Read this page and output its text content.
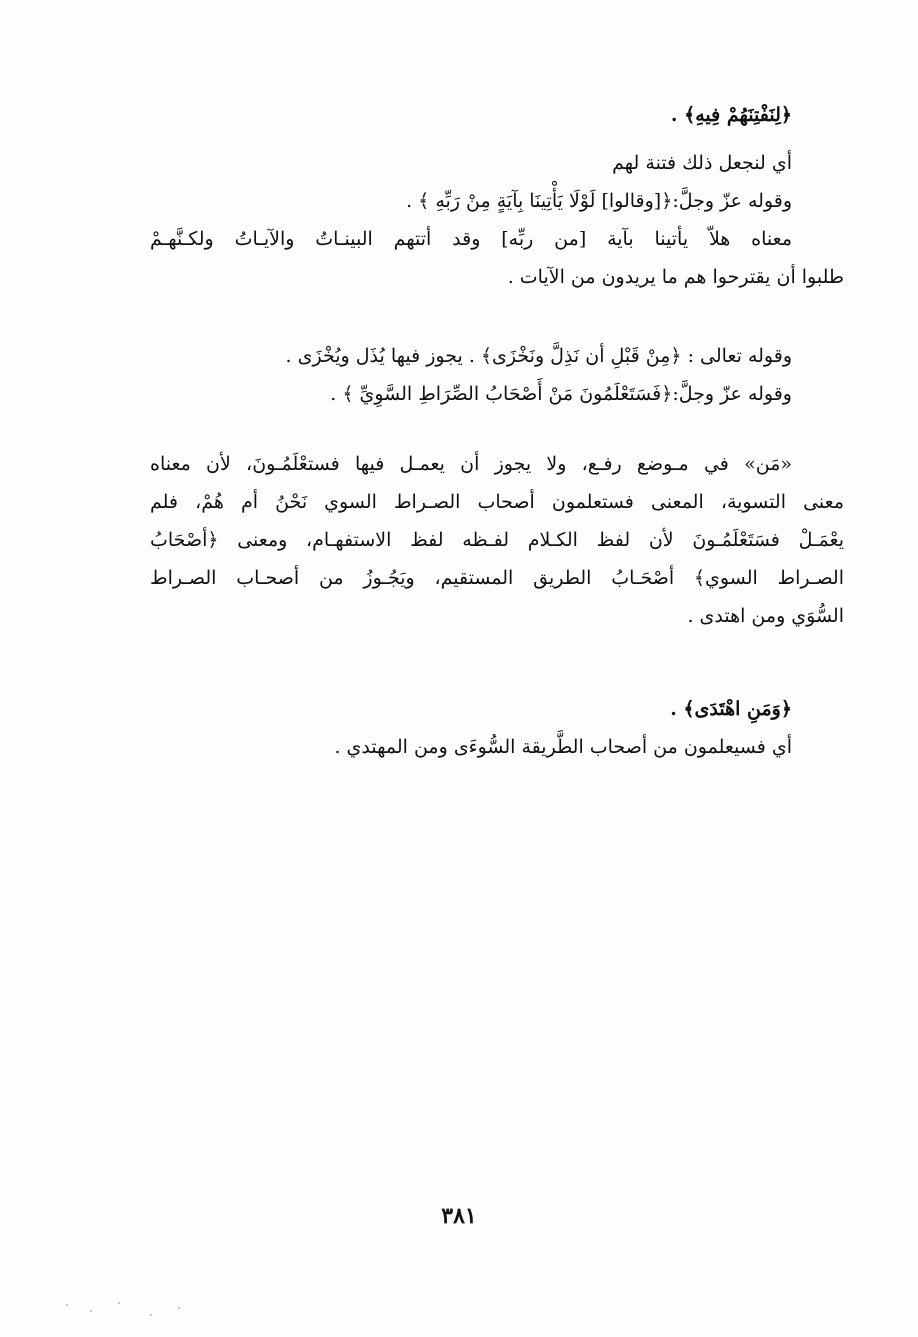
﴿لِنَفْتِنَهُمْ فِيهِ﴾ .
أي لنجعل ذلك فتنة لهم
وقوله عزّ وجلَّ:﴿[وقالوا] لَوْلَا يَأْتِينَا بِآيَةٍ مِنْ رَبِّهِ ﴾ .
معناه هلاّ يأتينا بآية [من ربِّه] وقد أتتهم البينـاتُ والآيـاتُ ولكـنَّهـمْ
طلبوا أن يقترحوا هم ما يريدون من الآيات .
وقوله تعالى : ﴿مِنْ قَبْلِ أن نَذِلَّ ونَخْزَى﴾ . يجوز فيها يُذَل ويُخْزَى .
وقوله عزّ وجلَّ:﴿فَسَتَعْلَمُونَ مَنْ أَصْحَابُ الصِّرَاطِ السَّوِيِّ ﴾ .
«مَن» في مـوضع رفـع، ولا يجوز أن يعمـل فيها فستعْلَمُـونَ، لأن معناه
معنى التسوية، المعنى فستعلمون أصحاب الصـراط السوي نَحْنُ أم هُمْ، فلم
يعْمَـلْ فسَتَعْلَمُـونَ لأن لفظ الكـلام لفـظه لفظ الاستفهـام، ومعنى ﴿أصْحَابُ
الصـراط السوي﴾ أصْحَـابُ الطريق المستقيم، ويَجُـوزُ من أصحـاب الصـراط
السُّوَي ومن اهتدى .
﴿وَمَنِ اهْتَدَى﴾ .
أي فسيعلمون من أصحاب الطَّريقة السُّوءَى ومن المهتدي .
٣٨١
